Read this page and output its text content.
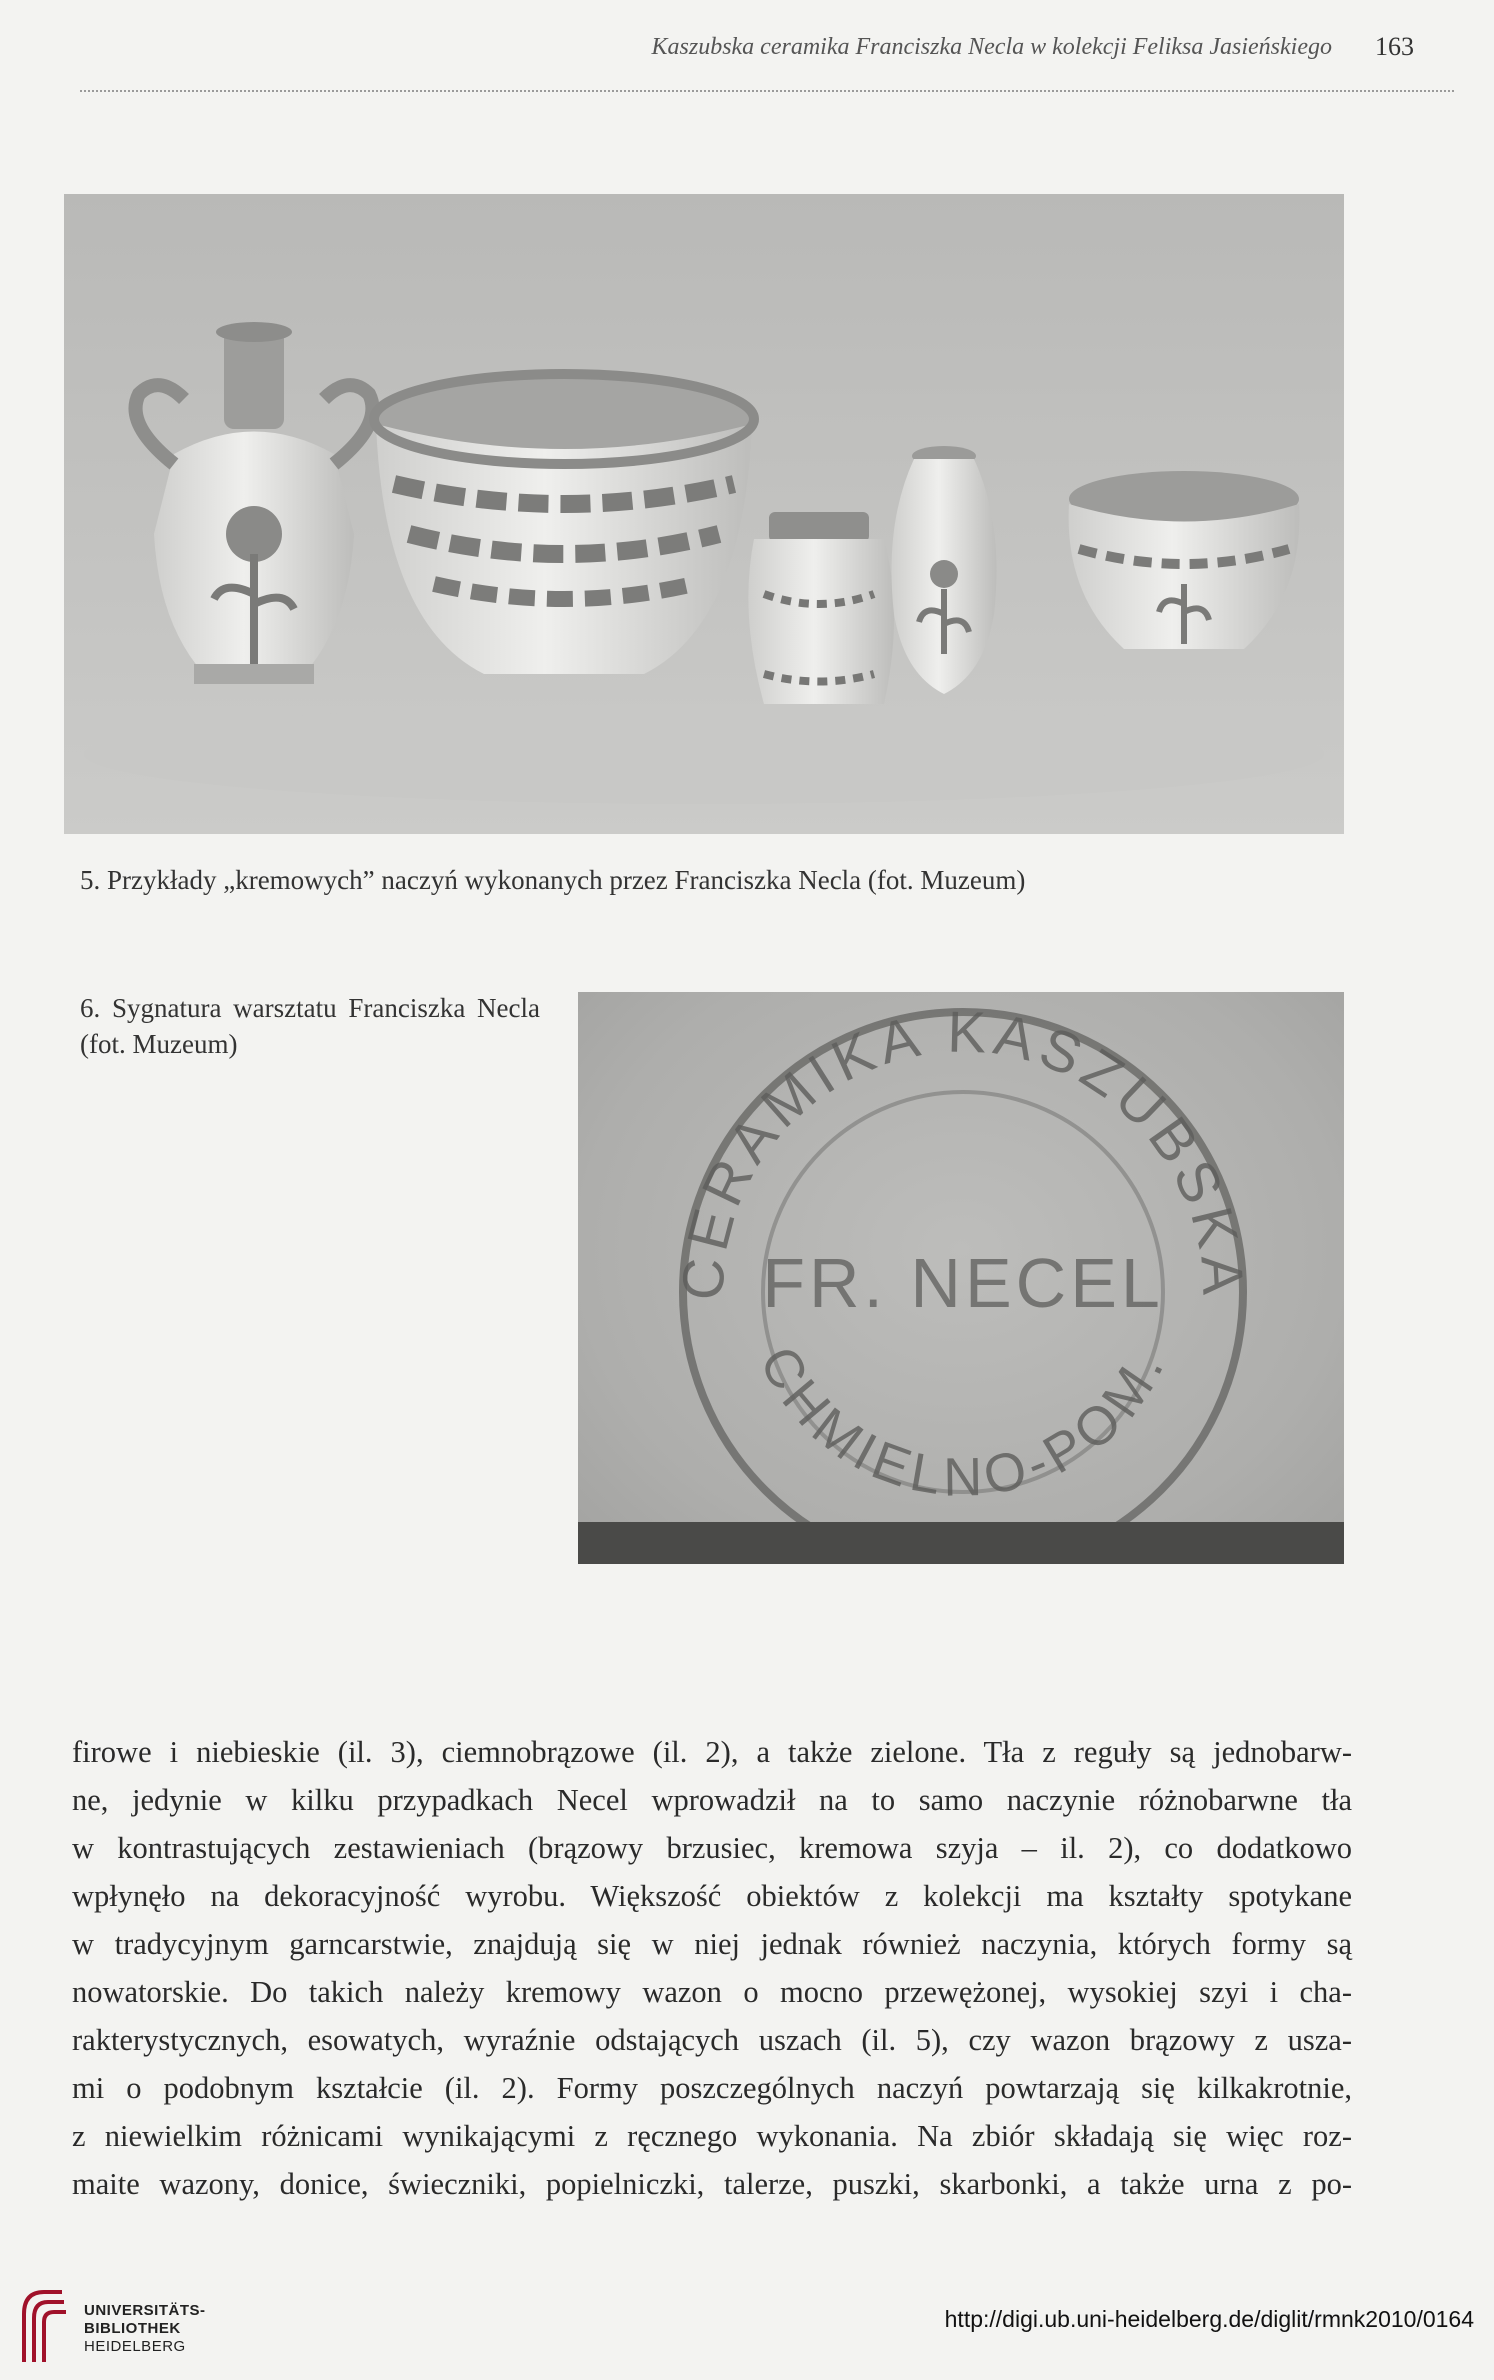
Kaszubska ceramika Franciszka Necla w kolekcji Feliksa Jasieńskiego 163
5. Przykłady „kremowych” naczyń wykonanych przez Franciszka Necla (fot. Muzeum)
6. Sygnatura warsztatu Franciszka Necla (fot. Muzeum)
CERAMIKA KASZUBSKA
FR. NECEL
CHMIELNO-POM.
firowe i niebieskie (il. 3), ciemnobrązowe (il. 2), a także zielone. Tła z reguły są jednobarw-
ne, jedynie w kilku przypadkach Necel wprowadził na to samo naczynie różnobarwne tła
w kontrastujących zestawieniach (brązowy brzusiec, kremowa szyja – il. 2), co dodatkowo
wpłynęło na dekoracyjność wyrobu. Większość obiektów z kolekcji ma kształty spotykane
w tradycyjnym garncarstwie, znajdują się w niej jednak również naczynia, których formy są
nowatorskie. Do takich należy kremowy wazon o mocno przewężonej, wysokiej szyi i cha-
rakterystycznych, esowatych, wyraźnie odstających uszach (il. 5), czy wazon brązowy z usza-
mi o podobnym kształcie (il. 2). Formy poszczególnych naczyń powtarzają się kilkakrotnie,
z niewielkim różnicami wynikającymi z ręcznego wykonania. Na zbiór składają się więc roz-
maite wazony, donice, świeczniki, popielniczki, talerze, puszki, skarbonki, a także urna z po-
UNIVERSITÄTS-
BIBLIOTHEK
HEIDELBERG
http://digi.ub.uni-heidelberg.de/diglit/rmnk2010/0164
